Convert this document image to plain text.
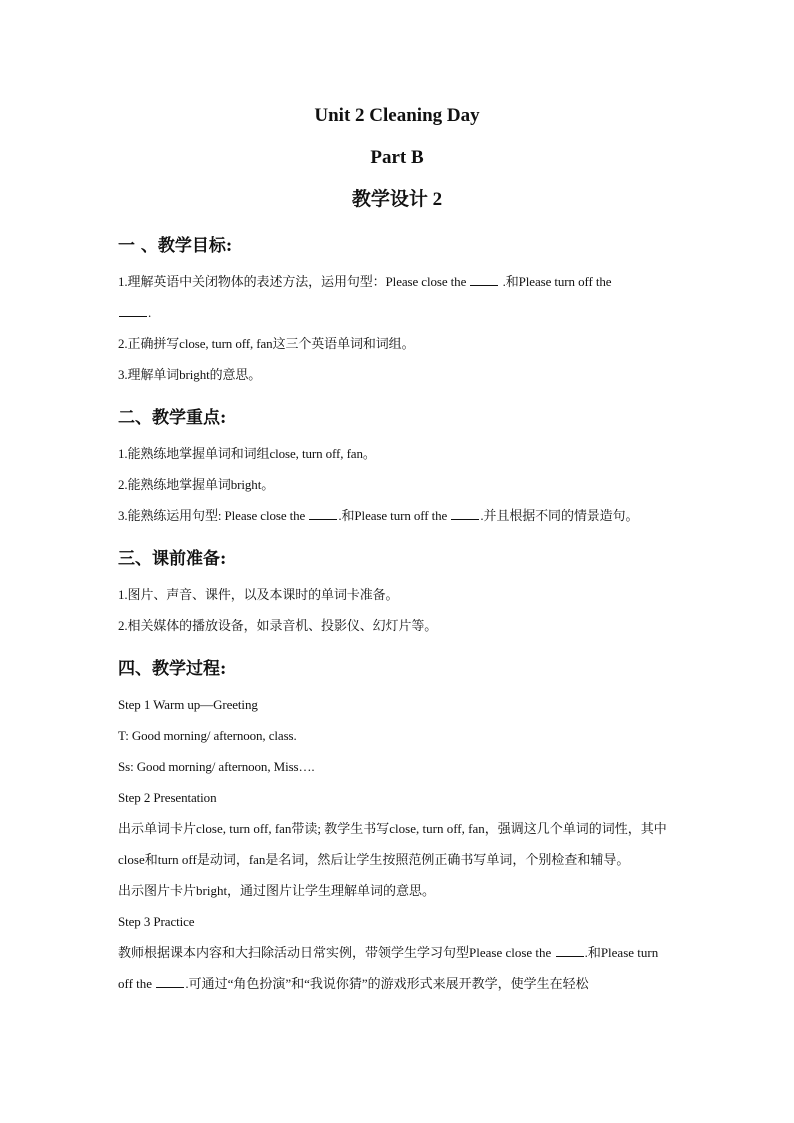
Unit 2 Cleaning Day
Part B
教学设计 2
一 、教学目标:

1.理解英语中关闭物体的表述方法，运用句型：Please close the	.和Please turn off the
.

2.正确拼写close, turn off, fan这三个英语单词和词组。

3.理解单词bright的意思。

二、教学重点:

1.能熟练地掌握单词和词组close, turn off, fan。

2.能熟练地掌握单词bright。

3.能熟练运用句型: Please close the	.和Please turn off the	.并且根据不同的情景造句。

三、课前准备:

1.图片、声音、课件，以及本课时的单词卡准备。

2.相关媒体的播放设备，如录音机、投影仪、幻灯片等。

四、教学过程:

Step 1 Warm up—Greeting

T: Good morning/ afternoon, class.

Ss: Good morning/ afternoon, Miss….

Step 2 Presentation

出示单词卡片close, turn off, fan带读; 教学生书写close, turn off, fan，强调这几个单词的词性，其中close和turn off是动词，fan是名词，然后让学生按照范例正确书写单词，个别检查和辅导。

出示图片卡片bright，通过图片让学生理解单词的意思。

Step 3 Practice

教师根据课本内容和大扫除活动日常实例，带领学生学习句型Please close the	.和Please turn off the	.可通过“角色扮演”和“我说你猜”的游戏形式来展开教学，使学生在轻松
